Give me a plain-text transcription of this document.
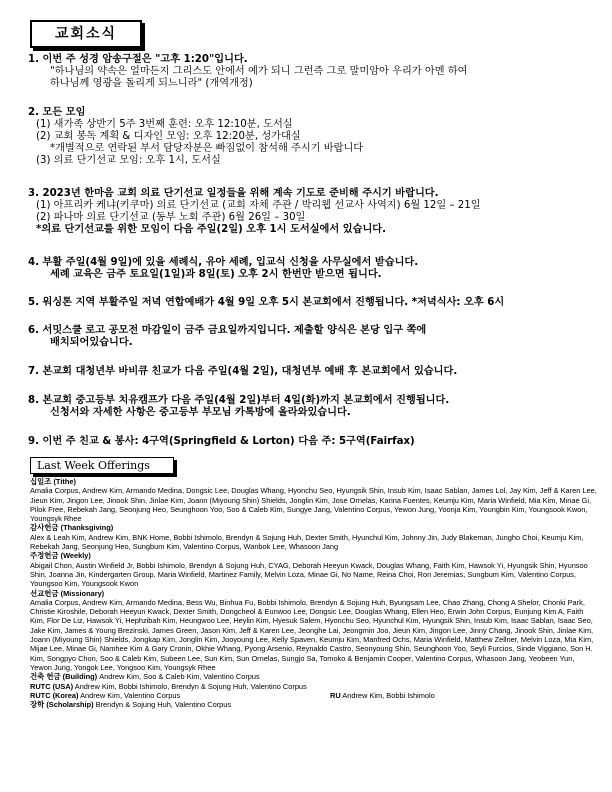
교회소식
1. 이번 주 성경 암송구절은 "고후 1:20"입니다.
"하나님의 약속은 얼마든지 그리스도 안에서 예가 되니 그런즉 그로 말미암아 우리가 아멘 하여
하나님께 영광을 돌리게 되느니라" (개역개정)
2. 모든 모임
(1) 새가족 상반기 5주 3번째 훈련: 오후 12:10분, 도서실
(2) 교회 봉독 계획 & 디자인 모임: 오후 12:20분, 성가대실
*개별적으로 연락된 부서 담당자분은 빠짐없이 참석해 주시기 바랍니다
(3) 의료 단기선교 모임: 오후 1시, 도서실
3. 2023년 한마음 교회 의료 단기선교 일정들을 위해 계속 기도로 준비해 주시기 바랍니다.
(1) 아프리카 케냐(키쿠마) 의료 단기선교 (교회 자체 주관 / 박리웹 선교사 사역지) 6월 12일 – 21일
(2) 파나마 의료 단기선교 (동부 노회 주관) 6월 26일 – 30일
*의료 단기선교를 위한 모임이 다음 주일(2일) 오후 1시 도서실에서 있습니다.
4. 부활 주일(4월 9일)에 있을 세례식, 유아 세례, 입교식 신청을 사무실에서 받습니다.
세례 교육은 금주 토요일(1일)과 8일(토) 오후 2시 한번만 받으면 됩니다.
5. 워싱톤 지역 부활주일 저녁 연합예배가 4월 9일 오후 5시 본교회에서 진행됩니다. *저녁식사: 오후 6시
6. 서밋스쿨 로고 공모전 마감일이 금주 금요일까지입니다. 제출할 양식은 본당 입구 쪽에
배치되어있습니다.
7. 본교회 대청년부 바비큐 친교가 다음 주일(4월 2일), 대청년부 예배 후 본교회에서 있습니다.
8. 본교회 중고등부 치유캠프가 다음 주일(4월 2일)부터 4일(화)까지 본교회에서 진행됩니다.
신청서와 자세한 사항은 중고등부 부모님 카톡방에 올라와있습니다.
9. 이번 주 친교 & 봉사: 4구역(Springfield & Lorton) 다음 주: 5구역(Fairfax)
Last Week Offerings
십일조 (Tithe)
Amalia Corpus, Andrew Kim, Armando Medina, Dongsic Lee, Douglas Whang, Hyonchu Seo, Hyungsik Shin, Insub Kim, Isaac Sablan, James Lol, Jay Kim, Jeff & Karen Lee, Jieun Kim, Jingon Lee, Jinook Shin, Jinlae Kim, Joann (Miyoung Shin) Shields, Jonglin Kim, Jose Ornelas, Karina Fuentes, Keumju Kim, Maria Winfield, Mia Kim, Minae Gi, Pilok Free, Rebekah Jang, Seonjung Heo, Seunghoon Yoo, Soo & Caleb Kim, Sungye Jang, Valentino Corpus, Yewon Jung, Yoonja Kim, Youngbin Kim, Youngsook Kwon, Youngsyk Rhee
감사헌금 (Thanksgiving)
Alex & Leah Kim, Andrew Kim, BNK Home, Bobbi Ishimolo, Brendyn & Sojung Huh, Dexter Smith, Hyunchul Kim, Johnny Jin, Judy Blakeman, Jungho Choi, Keumju Kim, Rebekah Jang, Seonjung Heo, Sungbum Kim, Valentino Corpus, Wanbok Lee, Whasoon Jang
주정헌금 (Weekly)
Abigail Chon, Austin Winfield Jr, Bobbi Ishimolo, Brendyn & Sojung Huh, CYAG, Deborah Heeyun Kwack, Douglas Whang, Faith Kim, Hawsok Yi, Hyungsik Shin, Hyunsoo Shin, Joanna Jin, Kindergarten Group, Maria Winfield, Martinez Family, Melvin Loza, Minae Gi, No Name, Reina Choi, Ron Jeremias, Sungbum Kim, Valentino Corpus, Youngsoo Kim, Youngsook Kwon
선교헌금 (Missionary)
Amalia Corpus, Andrew Kim, Armando Medina, Bess Wu, Binhua Fu, Bobbi Ishimolo, Brendyn & Sojung Huh, Byungsam Lee, Chao Zhang, Chong A Shelor, Chonki Park, Christie Kiroshile, Deborah Heeyun Kwack, Dexter Smith, Dongcheol & Eunwoo Lee, Dongsic Lee, Douglas Whang, Ellen Heo, Erwin John Corpus, Eunjung Kim A, Faith Kim, Flor De Liz, Hawsok Yi, Hephzibah Kim, Heungwoo Lee, Heylin Kim, Hyesuk Salem, Hyonchu Seo, Hyunchul Kim, Hyungsik Shin, Insub Kim, Isaac Sablan, Isaac Seo, Jake Kim, James & Young Brezinski, James Green, Jason Kim, Jeff & Karen Lee, Jeonghe Lai, Jeongmin Joo, Jieun Kim, Jingon Lee, Jinny Chang, Jinook Shin, Jinlae Kim, Joann (Miyoung Shin) Shields, Jongkap Kim, Jonglin Kim, Jooyoung Lee, Kelly Spaven, Keumju Kim, Manfred Ochs, Maria Winfield, Matthew Zellner, Melvin Loza, Mia Kim, Mijae Lee, Minae Gi, Namhee Kim & Gary Cronin, Okhie Whang, Pyong Arsenio, Reynaldo Castro, Seonyoung Shin, Seunghoon Yoo, Seyli Furcios, Sinde Viggiano, Son H. Kim, Songpyo Chon, Soo & Caleb Kim, Subeen Lee, Sun Kim, Sun Ornelas, Sungjo Sa, Tomoko & Benjamin Cooper, Valentino Corpus, Whasoon Jang, Yeobeen Yun, Yewon Jung, Yongok Lee, Yongsoo Kim, Youngsyk Rhee
건축 헌금 (Building) Andrew Kim, Soo & Caleb Kim, Valentino Corpus
RUTC (USA) Andrew Kim, Bobbi Ishimolo, Brendyn & Sojung Huh, Valentino Corpus
RUTC (Korea) Andrew Kim, Valentino Corpus	RU Andrew Kim, Bobbi Ishimolo
장학 (Scholarship) Brendyn & Sojung Huh, Valentino Corpus
